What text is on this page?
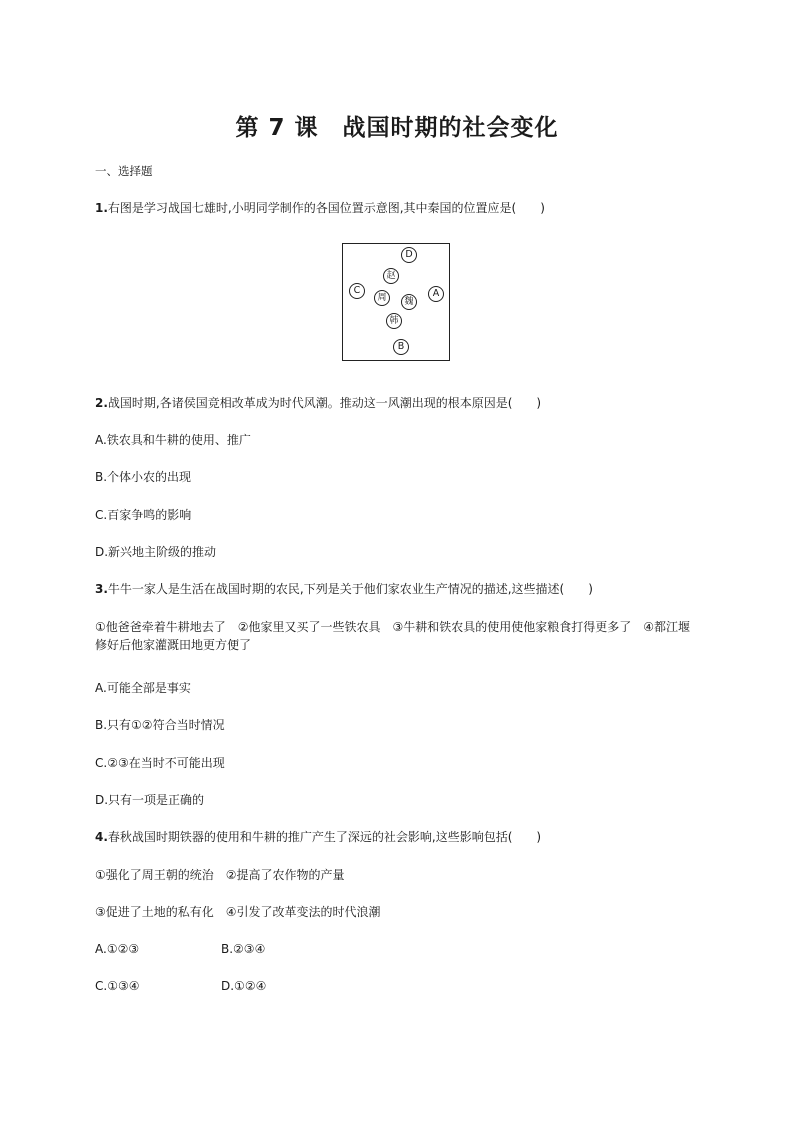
第 7 课　战国时期的社会变化
一、选择题
1.右图是学习战国七雄时,小明同学制作的各国位置示意图,其中秦国的位置应是(　　)
D
赵
C
周	魏
A
韩
B
2.战国时期,各诸侯国竞相改革成为时代风潮。推动这一风潮出现的根本原因是(　　)
A.铁农具和牛耕的使用、推广
B.个体小农的出现
C.百家争鸣的影响
D.新兴地主阶级的推动
3.牛牛一家人是生活在战国时期的农民,下列是关于他们家农业生产情况的描述,这些描述(　　)
①他爸爸牵着牛耕地去了　②他家里又买了一些铁农具　③牛耕和铁农具的使用使他家粮食打得更多了　④都江堰修好后他家灌溉田地更方便了
A.可能全部是事实
B.只有①②符合当时情况
C.②③在当时不可能出现
D.只有一项是正确的
4.春秋战国时期铁器的使用和牛耕的推广产生了深远的社会影响,这些影响包括(　　)
①强化了周王朝的统治　②提高了农作物的产量
③促进了土地的私有化　④引发了改革变法的时代浪潮
A.①②③	B.②③④
C.①③④	D.①②④
